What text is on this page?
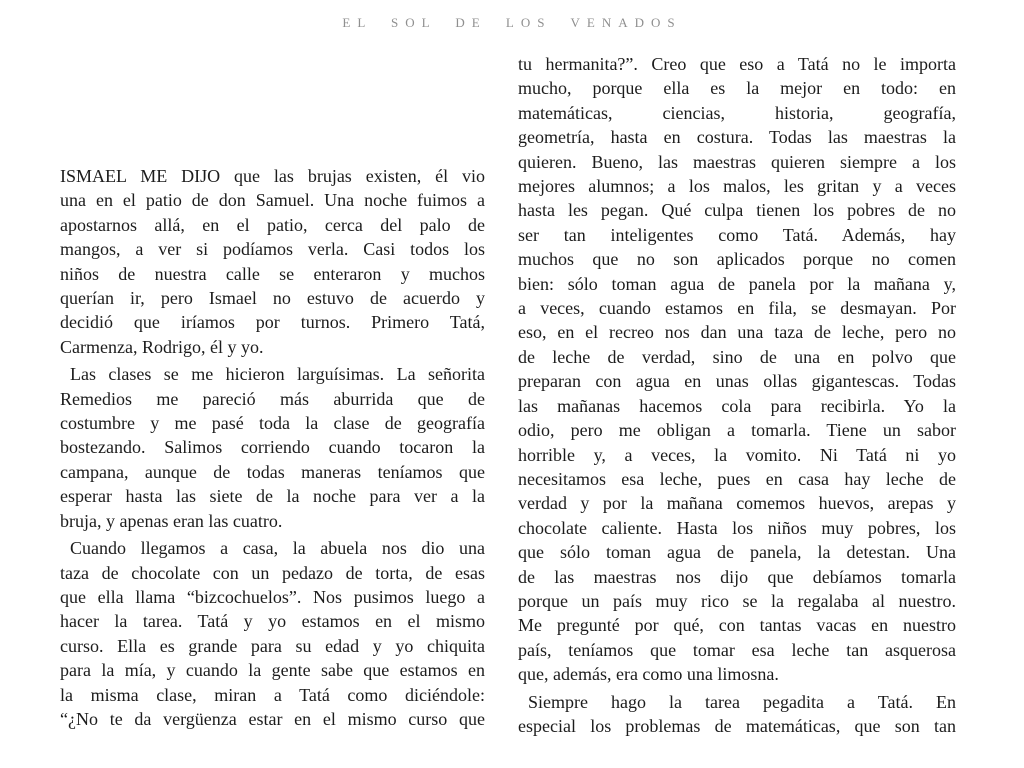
EL SOL DE LOS VENADOS
ISMAEL ME DIJO que las brujas existen, él vio
una en el patio de don Samuel. Una noche fuimos a
apostarnos allá, en el patio, cerca del palo de
mangos, a ver si podíamos verla. Casi todos los
niños de nuestra calle se enteraron y muchos
querían ir, pero Ismael no estuvo de acuerdo y
decidió que iríamos por turnos. Primero Tatá,
Carmenza, Rodrigo, él y yo.
Las clases se me hicieron larguísimas. La señorita
Remedios me pareció más aburrida que de
costumbre y me pasé toda la clase de geografía
bostezando. Salimos corriendo cuando tocaron la
campana, aunque de todas maneras teníamos que
esperar hasta las siete de la noche para ver a la
bruja, y apenas eran las cuatro.
Cuando llegamos a casa, la abuela nos dio una
taza de chocolate con un pedazo de torta, de esas
que ella llama “bizcochuelos”. Nos pusimos luego a
hacer la tarea. Tatá y yo estamos en el mismo
curso. Ella es grande para su edad y yo chiquita
para la mía, y cuando la gente sabe que estamos en
la misma clase, miran a Tatá como diciéndole:
“¿No te da vergüenza estar en el mismo curso que
tu hermanita?”. Creo que eso a Tatá no le importa
mucho, porque ella es la mejor en todo: en
matemáticas, ciencias, historia, geografía,
geometría, hasta en costura. Todas las maestras la
quieren. Bueno, las maestras quieren siempre a los
mejores alumnos; a los malos, les gritan y a veces
hasta les pegan. Qué culpa tienen los pobres de no
ser tan inteligentes como Tatá. Además, hay
muchos que no son aplicados porque no comen
bien: sólo toman agua de panela por la mañana y,
a veces, cuando estamos en fila, se desmayan. Por
eso, en el recreo nos dan una taza de leche, pero no
de leche de verdad, sino de una en polvo que
preparan con agua en unas ollas gigantescas. Todas
las mañanas hacemos cola para recibirla. Yo la
odio, pero me obligan a tomarla. Tiene un sabor
horrible y, a veces, la vomito. Ni Tatá ni yo
necesitamos esa leche, pues en casa hay leche de
verdad y por la mañana comemos huevos, arepas y
chocolate caliente. Hasta los niños muy pobres, los
que sólo toman agua de panela, la detestan. Una
de las maestras nos dijo que debíamos tomarla
porque un país muy rico se la regalaba al nuestro.
Me pregunté por qué, con tantas vacas en nuestro
país, teníamos que tomar esa leche tan asquerosa
que, además, era como una limosna.
Siempre hago la tarea pegadita a Tatá. En
especial los problemas de matemáticas, que son tan
